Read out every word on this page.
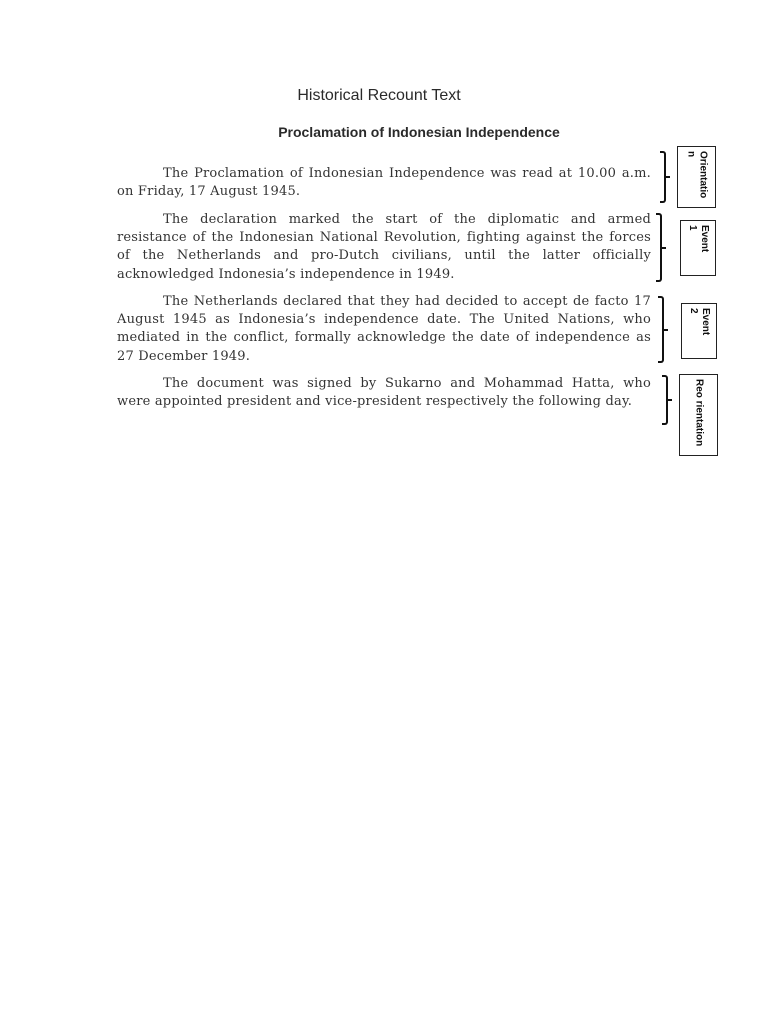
Historical Recount Text
Proclamation of Indonesian Independence

The Proclamation of Indonesian Independence was read at 10.00 a.m. on Friday, 17 August 1945.

The declaration marked the start of the diplomatic and armed resistance of the Indonesian National Revolution, fighting against the forces of the Netherlands and pro-Dutch civilians, until the latter officially acknowledged Indonesia’s independence in 1949.

The Netherlands declared that they had decided to accept de facto 17 August 1945 as Indonesia’s independence date. The United Nations, who mediated in the conflict, formally acknowledge the date of independence as 27 December 1949.

The document was signed by Sukarno and Mohammad Hatta, who were appointed president and vice-president respectively the following day.

Orientatio
n
Event
1
Event
2
Reo rientation
